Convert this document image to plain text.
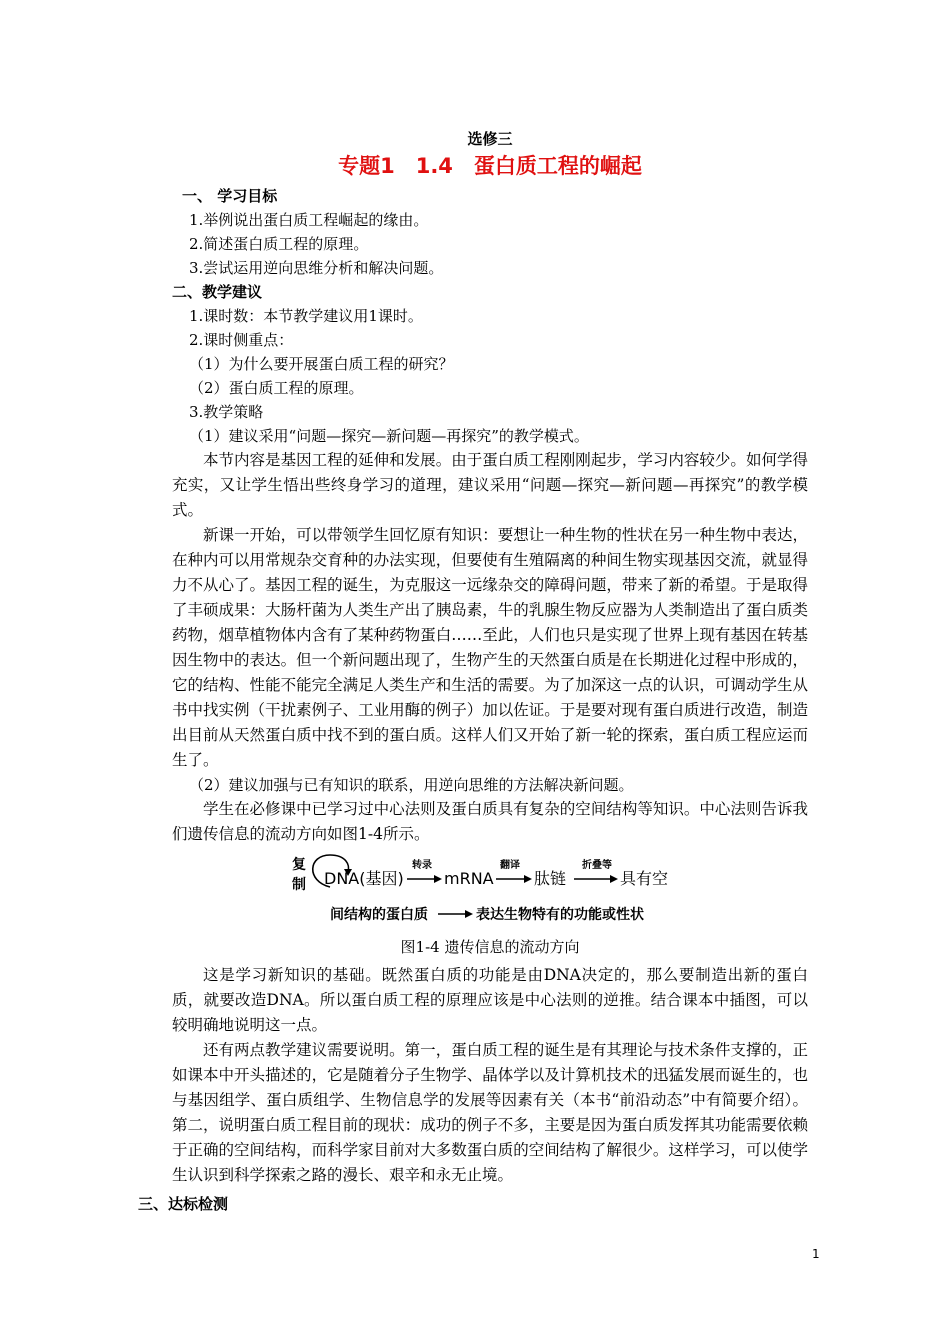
选修三

专题1　1.4　蛋白质工程的崛起

一、 学习目标

1.举例说出蛋白质工程崛起的缘由。

2.简述蛋白质工程的原理。

3.尝试运用逆向思维分析和解决问题。

二、教学建议

1.课时数：本节教学建议用1课时。

2.课时侧重点：

（1）为什么要开展蛋白质工程的研究？

（2）蛋白质工程的原理。

3.教学策略

（1）建议采用“问题—探究—新问题—再探究”的教学模式。

本节内容是基因工程的延伸和发展。由于蛋白质工程刚刚起步，学习内容较少。如何学得充实，又让学生悟出些终身学习的道理，建议采用“问题—探究—新问题—再探究”的教学模式。

新课一开始，可以带领学生回忆原有知识：要想让一种生物的性状在另一种生物中表达，在种内可以用常规杂交育种的办法实现，但要使有生殖隔离的种间生物实现基因交流，就显得力不从心了。基因工程的诞生，为克服这一远缘杂交的障碍问题，带来了新的希望。于是取得了丰硕成果：大肠杆菌为人类生产出了胰岛素，牛的乳腺生物反应器为人类制造出了蛋白质类药物，烟草植物体内含有了某种药物蛋白……至此，人们也只是实现了世界上现有基因在转基因生物中的表达。但一个新问题出现了，生物产生的天然蛋白质是在长期进化过程中形成的，它的结构、性能不能完全满足人类生产和生活的需要。为了加深这一点的认识，可调动学生从书中找实例（干扰素例子、工业用酶的例子）加以佐证。于是要对现有蛋白质进行改造，制造出目前从天然蛋白质中找不到的蛋白质。这样人们又开始了新一轮的探索，蛋白质工程应运而生了。

（2）建议加强与已有知识的联系，用逆向思维的方法解决新问题。

学生在必修课中已学习过中心法则及蛋白质具有复杂的空间结构等知识。中心法则告诉我们遗传信息的流动方向如图1-4所示。

复
制 DNA(基因)
转录
mRNA
翻译
肽链
折叠等
具有空
间结构的蛋白质	表达生物特有的功能或性状

图1-4 遗传信息的流动方向

这是学习新知识的基础。既然蛋白质的功能是由DNA决定的，那么要制造出新的蛋白质，就要改造DNA。所以蛋白质工程的原理应该是中心法则的逆推。结合课本中插图，可以较明确地说明这一点。

还有两点教学建议需要说明。第一，蛋白质工程的诞生是有其理论与技术条件支撑的，正如课本中开头描述的，它是随着分子生物学、晶体学以及计算机技术的迅猛发展而诞生的，也与基因组学、蛋白质组学、生物信息学的发展等因素有关（本书“前沿动态”中有简要介绍）。第二，说明蛋白质工程目前的现状：成功的例子不多，主要是因为蛋白质发挥其功能需要依赖于正确的空间结构，而科学家目前对大多数蛋白质的空间结构了解很少。这样学习，可以使学生认识到科学探索之路的漫长、艰辛和永无止境。

三、达标检测

1
